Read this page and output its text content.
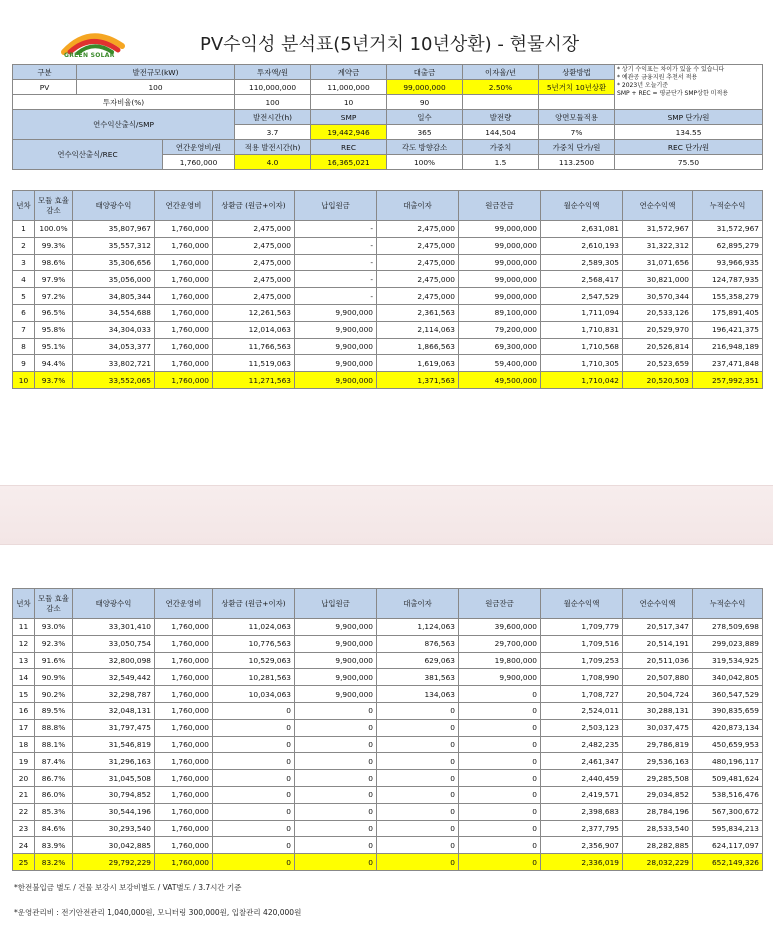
GREEN SOLAR
PV수익성 분석표(5년거치 10년상환) - 현물시장
구분	발전규모(kW)		투자액/원	계약금	대출금	이자율/년	상환방법	* 상기 수익표는 차이가 있을 수 있습니다
* 예관공 금융지원 추천서 적용
* 2023년 오늘기준
SMP + REC = 평균단가 SMP상한 미적용

PV	100		110,000,000	11,000,000	99,000,000	2.50%	5년거치 10년상환	
투자비율(%)			100	10	90			
연수익산출식/SMP			발전시간(h)	SMP	일수	발전량	양면모듈적용	SMP 단가/원
			3.7	19,442,946	365	144,504	7%	134.55
연수익산출식/REC		연간운영비/원	적용 발전시간(h)	REC	각도 방향감소	가중치	가중치 단가/원	REC 단가/원
		1,760,000	4.0	16,365,021	100%	1.5	113.2500	75.50
년차	모듈 효율감소	태양광수익	연간운영비	상환금 (원금+이자)	납입원금	대출이자	원금잔금	월순수익액	연순수익액	누적순수익
1	100.0%	35,807,967	1,760,000	2,475,000	-	2,475,000	99,000,000	2,631,081	31,572,967	31,572,967
2	99.3%	35,557,312	1,760,000	2,475,000	-	2,475,000	99,000,000	2,610,193	31,322,312	62,895,279
3	98.6%	35,306,656	1,760,000	2,475,000	-	2,475,000	99,000,000	2,589,305	31,071,656	93,966,935
4	97.9%	35,056,000	1,760,000	2,475,000	-	2,475,000	99,000,000	2,568,417	30,821,000	124,787,935
5	97.2%	34,805,344	1,760,000	2,475,000	-	2,475,000	99,000,000	2,547,529	30,570,344	155,358,279
6	96.5%	34,554,688	1,760,000	12,261,563	9,900,000	2,361,563	89,100,000	1,711,094	20,533,126	175,891,405
7	95.8%	34,304,033	1,760,000	12,014,063	9,900,000	2,114,063	79,200,000	1,710,831	20,529,970	196,421,375
8	95.1%	34,053,377	1,760,000	11,766,563	9,900,000	1,866,563	69,300,000	1,710,568	20,526,814	216,948,189
9	94.4%	33,802,721	1,760,000	11,519,063	9,900,000	1,619,063	59,400,000	1,710,305	20,523,659	237,471,848
10	93.7%	33,552,065	1,760,000	11,271,563	9,900,000	1,371,563	49,500,000	1,710,042	20,520,503	257,992,351
년차	모듈 효율감소	태양광수익	연간운영비	상환금 (원금+이자)	납입원금	대출이자	원금잔금	월순수익액	연순수익액	누적순수익
11	93.0%	33,301,410	1,760,000	11,024,063	9,900,000	1,124,063	39,600,000	1,709,779	20,517,347	278,509,698
12	92.3%	33,050,754	1,760,000	10,776,563	9,900,000	876,563	29,700,000	1,709,516	20,514,191	299,023,889
13	91.6%	32,800,098	1,760,000	10,529,063	9,900,000	629,063	19,800,000	1,709,253	20,511,036	319,534,925
14	90.9%	32,549,442	1,760,000	10,281,563	9,900,000	381,563	9,900,000	1,708,990	20,507,880	340,042,805
15	90.2%	32,298,787	1,760,000	10,034,063	9,900,000	134,063	0	1,708,727	20,504,724	360,547,529
16	89.5%	32,048,131	1,760,000	0	0	0	0	2,524,011	30,288,131	390,835,659
17	88.8%	31,797,475	1,760,000	0	0	0	0	2,503,123	30,037,475	420,873,134
18	88.1%	31,546,819	1,760,000	0	0	0	0	2,482,235	29,786,819	450,659,953
19	87.4%	31,296,163	1,760,000	0	0	0	0	2,461,347	29,536,163	480,196,117
20	86.7%	31,045,508	1,760,000	0	0	0	0	2,440,459	29,285,508	509,481,624
21	86.0%	30,794,852	1,760,000	0	0	0	0	2,419,571	29,034,852	538,516,476
22	85.3%	30,544,196	1,760,000	0	0	0	0	2,398,683	28,784,196	567,300,672
23	84.6%	30,293,540	1,760,000	0	0	0	0	2,377,795	28,533,540	595,834,213
24	83.9%	30,042,885	1,760,000	0	0	0	0	2,356,907	28,282,885	624,117,097
25	83.2%	29,792,229	1,760,000	0	0	0	0	2,336,019	28,032,229	652,149,326
*한전불입금 별도 / 건물 보강시 보강비별도 / VAT별도 / 3.7시간 기준
*운영관리비 : 전기안전관리 1,040,000원, 모니터링 300,000원, 입찰관리 420,000원
